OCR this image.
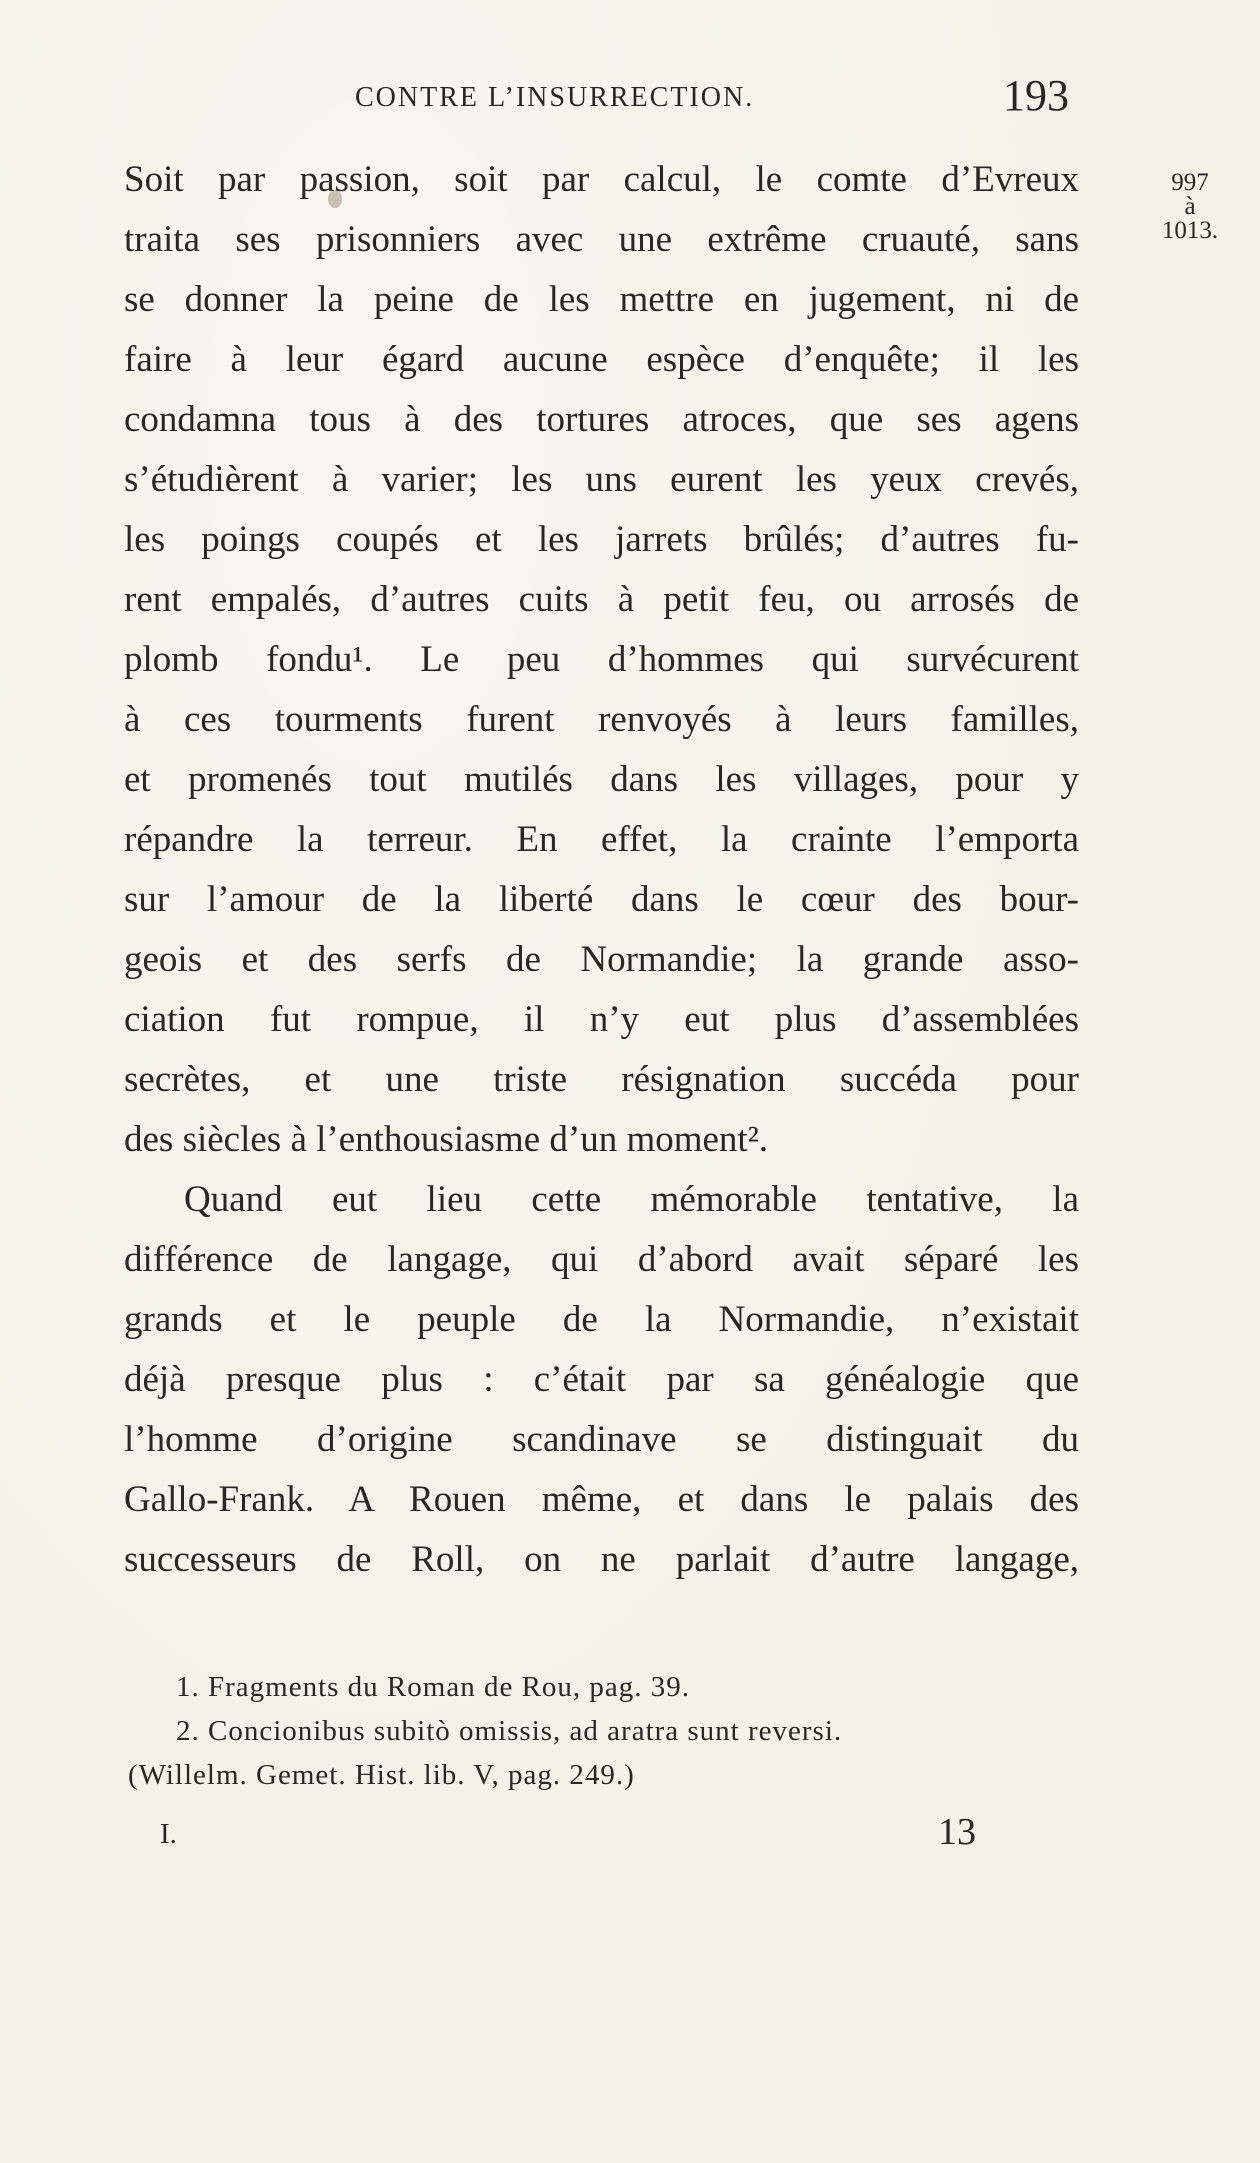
CONTRE L’INSURRECTION.	193
997
à
1013.
Soit par passion, soit par calcul, le comte d’Evreux
traita ses prisonniers avec une extrême cruauté, sans
se donner la peine de les mettre en jugement, ni de
faire à leur égard aucune espèce d’enquête; il les
condamna tous à des tortures atroces, que ses agens
s’étudièrent à varier; les uns eurent les yeux crevés,
les poings coupés et les jarrets brûlés; d’autres fu-
rent empalés, d’autres cuits à petit feu, ou arrosés de
plomb fondu¹. Le peu d’hommes qui survécurent
à ces tourments furent renvoyés à leurs familles,
et promenés tout mutilés dans les villages, pour y
répandre la terreur. En effet, la crainte l’emporta
sur l’amour de la liberté dans le cœur des bour-
geois et des serfs de Normandie; la grande asso-
ciation fut rompue, il n’y eut plus d’assemblées
secrètes, et une triste résignation succéda pour
des siècles à l’enthousiasme d’un moment².
Quand eut lieu cette mémorable tentative, la
différence de langage, qui d’abord avait séparé les
grands et le peuple de la Normandie, n’existait
déjà presque plus : c’était par sa généalogie que
l’homme d’origine scandinave se distinguait du
Gallo-Frank. A Rouen même, et dans le palais des
successeurs de Roll, on ne parlait d’autre langage,
1. Fragments du Roman de Rou, pag. 39.
2. Concionibus subitò omissis, ad aratra sunt reversi.
(Willelm. Gemet. Hist. lib. V, pag. 249.)
I.	13
